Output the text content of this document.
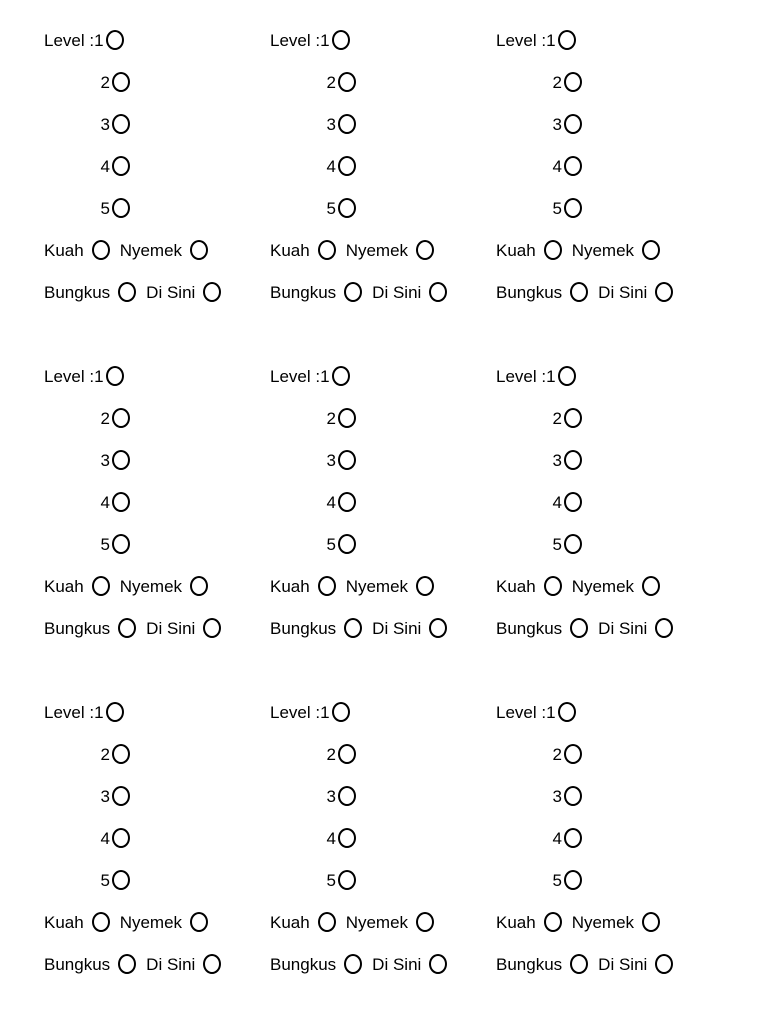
Level : 1
2
3
4
5
Kuah Nyemek
Bungkus Di Sini
Level : 1
2
3
4
5
Kuah Nyemek
Bungkus Di Sini
Level : 1
2
3
4
5
Kuah Nyemek
Bungkus Di Sini
Level : 1
2
3
4
5
Kuah Nyemek
Bungkus Di Sini
Level : 1
2
3
4
5
Kuah Nyemek
Bungkus Di Sini
Level : 1
2
3
4
5
Kuah Nyemek
Bungkus Di Sini
Level : 1
2
3
4
5
Kuah Nyemek
Bungkus Di Sini
Level : 1
2
3
4
5
Kuah Nyemek
Bungkus Di Sini
Level : 1
2
3
4
5
Kuah Nyemek
Bungkus Di Sini
